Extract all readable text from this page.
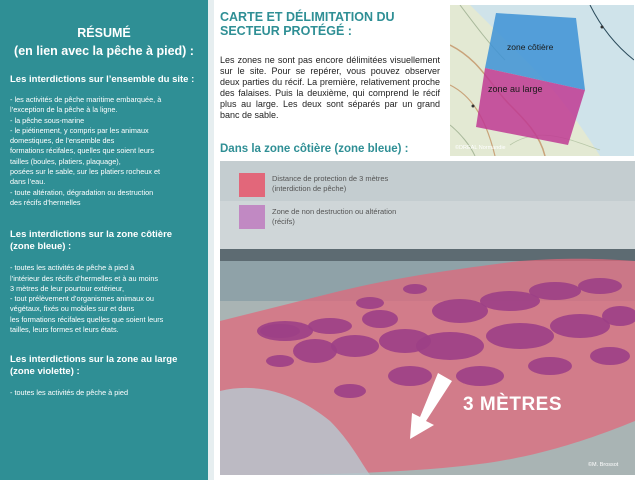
RÉSUMÉ
(en lien avec la pêche à pied) :
Les interdictions sur l’ensemble du site :
- les activités de pêche maritime embarquée, à
l’exception de la pêche à la ligne.
- la pêche sous-marine
- le piétinement, y compris par les animaux
domestiques, de l’ensemble des
formations récifales, quelles que soient leurs
tailles (boules, platiers, plaquage),
posées sur le sable, sur les platiers rocheux et
dans l’eau.
- toute altération, dégradation ou destruction
des récifs d’hermelles
Les interdictions sur la zone côtière (zone bleue) :
- toutes les activités de pêche à pied à
l’intérieur des récifs d’hermelles et à au moins
3 mètres de leur pourtour extérieur,
- tout prélèvement d’organismes animaux ou
végétaux, fixés ou mobiles sur et dans
les formations récifales quelles que soient leurs
tailles, leurs formes et leurs états.
Les interdictions sur la zone au large (zone violette) :
- toutes les activités de pêche à pied
CARTE ET DÉLIMITATION DU
SECTEUR PROTÉGÉ :
Les zones ne sont pas encore délimitées visuellement sur le site. Pour se repérer, vous pouvez observer deux parties du récif. La première, relativement proche des falaises. Puis la deuxième, qui comprend le récif plus au large. Les deux sont séparés par un grand banc de sable.
Dans la zone côtière (zone bleue) :
zone côtière
zone au large
©DREAL Normandie
Distance de protection de 3 mètres
(interdiction de pêche)
Zone de non destruction ou altération
(récifs)
3 MÈTRES
©M. Brossot
